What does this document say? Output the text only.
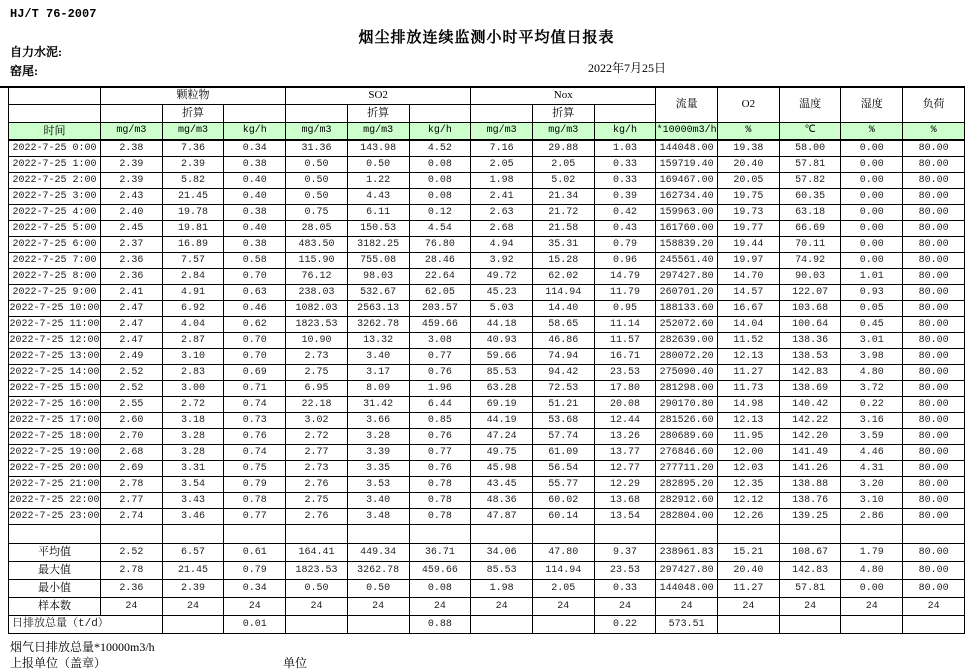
HJ/T 76-2007
烟尘排放连续监测小时平均值日报表
自力水泥:
窑尾:	2022年7月25日
	颗粒物			SO2			Nox			流量	O2	温度	湿度	负荷
		折算			折算			折算						
时间	mg/m3	mg/m3	kg/h	mg/m3	mg/m3	kg/h	mg/m3	mg/m3	kg/h	*10000m3/h	%	℃	%	%
2022-7-25 0:00	2.38	7.36	0.34	31.36	143.98	4.52	7.16	29.88	1.03	144048.00	19.38	58.00	0.00	80.00
2022-7-25 1:00	2.39	2.39	0.38	0.50	0.50	0.08	2.05	2.05	0.33	159719.40	20.40	57.81	0.00	80.00
2022-7-25 2:00	2.39	5.82	0.40	0.50	1.22	0.08	1.98	5.02	0.33	169467.00	20.05	57.82	0.00	80.00
2022-7-25 3:00	2.43	21.45	0.40	0.50	4.43	0.08	2.41	21.34	0.39	162734.40	19.75	60.35	0.00	80.00
2022-7-25 4:00	2.40	19.78	0.38	0.75	6.11	0.12	2.63	21.72	0.42	159963.00	19.73	63.18	0.00	80.00
2022-7-25 5:00	2.45	19.81	0.40	28.05	150.53	4.54	2.68	21.58	0.43	161760.00	19.77	66.69	0.00	80.00
2022-7-25 6:00	2.37	16.89	0.38	483.50	3182.25	76.80	4.94	35.31	0.79	158839.20	19.44	70.11	0.00	80.00
2022-7-25 7:00	2.36	7.57	0.58	115.90	755.08	28.46	3.92	15.28	0.96	245561.40	19.97	74.92	0.00	80.00
2022-7-25 8:00	2.36	2.84	0.70	76.12	98.03	22.64	49.72	62.02	14.79	297427.80	14.70	90.03	1.01	80.00
2022-7-25 9:00	2.41	4.91	0.63	238.03	532.67	62.05	45.23	114.94	11.79	260701.20	14.57	122.07	0.93	80.00
2022-7-25 10:00	2.47	6.92	0.46	1082.03	2563.13	203.57	5.03	14.40	0.95	188133.60	16.67	103.68	0.05	80.00
2022-7-25 11:00	2.47	4.04	0.62	1823.53	3262.78	459.66	44.18	58.65	11.14	252072.60	14.04	100.64	0.45	80.00
2022-7-25 12:00	2.47	2.87	0.70	10.90	13.32	3.08	40.93	46.86	11.57	282639.00	11.52	138.36	3.01	80.00
2022-7-25 13:00	2.49	3.10	0.70	2.73	3.40	0.77	59.66	74.94	16.71	280072.20	12.13	138.53	3.98	80.00
2022-7-25 14:00	2.52	2.83	0.69	2.75	3.17	0.76	85.53	94.42	23.53	275090.40	11.27	142.83	4.80	80.00
2022-7-25 15:00	2.52	3.00	0.71	6.95	8.09	1.96	63.28	72.53	17.80	281298.00	11.73	138.69	3.72	80.00
2022-7-25 16:00	2.55	2.72	0.74	22.18	31.42	6.44	69.19	51.21	20.08	290170.80	14.98	140.42	0.22	80.00
2022-7-25 17:00	2.60	3.18	0.73	3.02	3.66	0.85	44.19	53.68	12.44	281526.60	12.13	142.22	3.16	80.00
2022-7-25 18:00	2.70	3.28	0.76	2.72	3.28	0.76	47.24	57.74	13.26	280689.60	11.95	142.20	3.59	80.00
2022-7-25 19:00	2.68	3.28	0.74	2.77	3.39	0.77	49.75	61.09	13.77	276846.60	12.00	141.49	4.46	80.00
2022-7-25 20:00	2.69	3.31	0.75	2.73	3.35	0.76	45.98	56.54	12.77	277711.20	12.03	141.26	4.31	80.00
2022-7-25 21:00	2.78	3.54	0.79	2.76	3.53	0.78	43.45	55.77	12.29	282895.20	12.35	138.88	3.20	80.00
2022-7-25 22:00	2.77	3.43	0.78	2.75	3.40	0.78	48.36	60.02	13.68	282912.60	12.12	138.76	3.10	80.00
2022-7-25 23:00	2.74	3.46	0.77	2.76	3.48	0.78	47.87	60.14	13.54	282804.00	12.26	139.25	2.86	80.00

平均值	2.52	6.57	0.61	164.41	449.34	36.71	34.06	47.80	9.37	238961.83	15.21	108.67	1.79	80.00
最大值	2.78	21.45	0.79	1823.53	3262.78	459.66	85.53	114.94	23.53	297427.80	20.40	142.83	4.80	80.00
最小值	2.36	2.39	0.34	0.50	0.50	0.08	1.98	2.05	0.33	144048.00	11.27	57.81	0.00	80.00
样本数	24	24	24	24	24	24	24	24	24	24	24	24	24	24
日排放总量（t/d）			0.01			0.88			0.22	573.51				
烟气日排放总量*10000m3/h
上报单位（盖章）	单位
